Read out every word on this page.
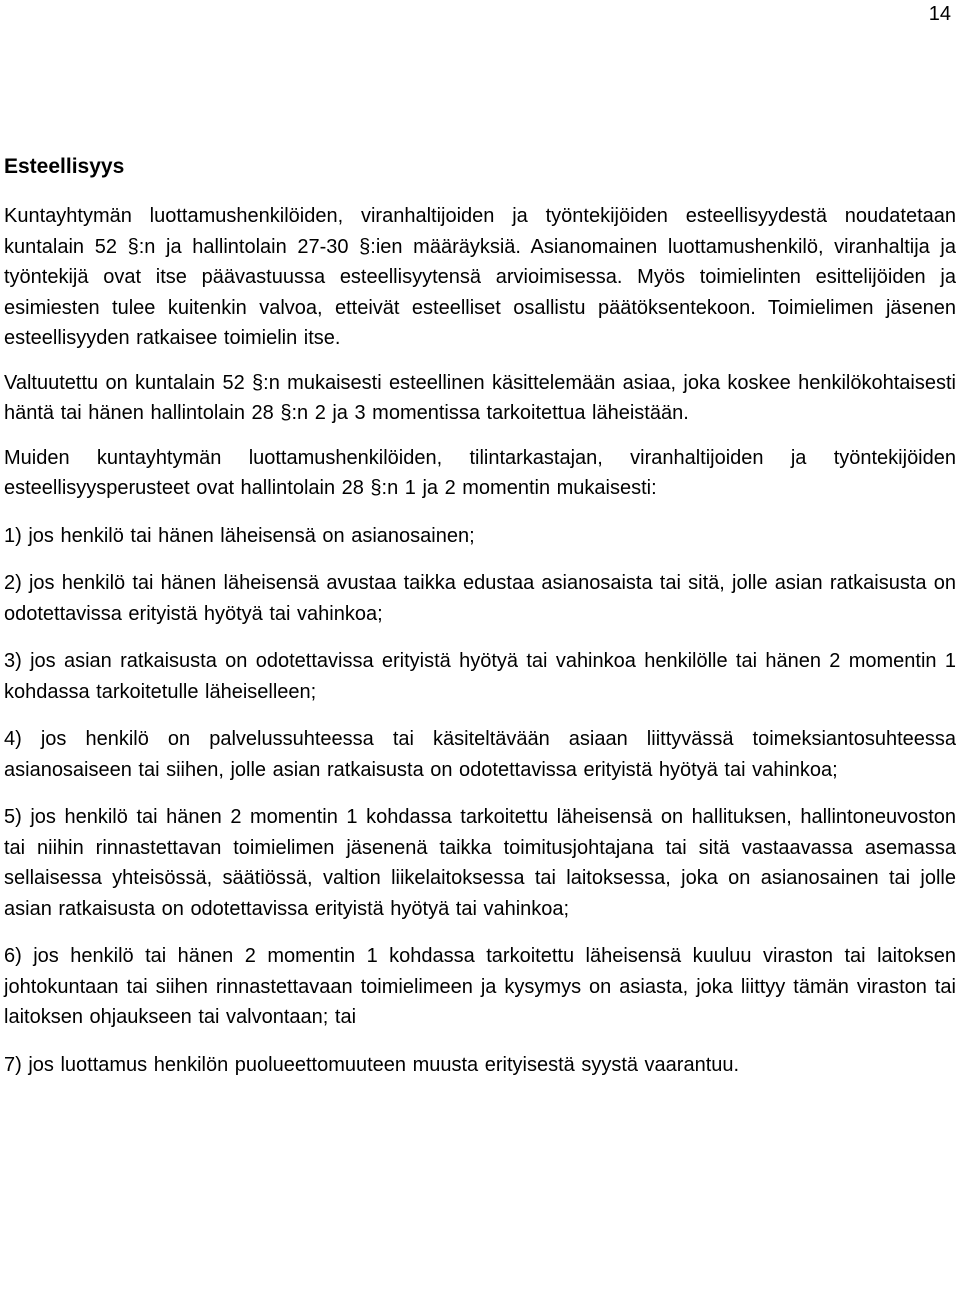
14
Esteellisyys

Kuntayhtymän luottamushenkilöiden, viranhaltijoiden ja työntekijöiden esteellisyydestä noudatetaan kuntalain 52 §:n ja hallintolain 27-30 §:ien määräyksiä. Asianomainen luottamushenkilö, viranhaltija ja työntekijä ovat itse päävastuussa esteellisyytensä arvioimisessa. Myös toimielinten esittelijöiden ja esimiesten tulee kuitenkin valvoa, etteivät esteelliset osallistu päätöksentekoon. Toimielimen jäsenen esteellisyyden ratkaisee toimielin itse.

Valtuutettu on kuntalain 52 §:n mukaisesti esteellinen käsittelemään asiaa, joka koskee henkilökohtaisesti häntä tai hänen hallintolain 28 §:n 2 ja 3 momentissa tarkoitettua läheistään.

Muiden kuntayhtymän luottamushenkilöiden, tilintarkastajan, viranhaltijoiden ja työntekijöiden esteellisyysperusteet ovat hallintolain 28 §:n 1 ja 2 momentin mukaisesti:

1) jos henkilö tai hänen läheisensä on asianosainen;

2) jos henkilö tai hänen läheisensä avustaa taikka edustaa asianosaista tai sitä, jolle asian ratkaisusta on odotettavissa erityistä hyötyä tai vahinkoa;

3) jos asian ratkaisusta on odotettavissa erityistä hyötyä tai vahinkoa henkilölle tai hänen 2 momentin 1 kohdassa tarkoitetulle läheiselleen;

4) jos henkilö on palvelussuhteessa tai käsiteltävään asiaan liittyvässä toimeksiantosuhteessa asianosaiseen tai siihen, jolle asian ratkaisusta on odotettavissa erityistä hyötyä tai vahinkoa;

5) jos henkilö tai hänen 2 momentin 1 kohdassa tarkoitettu läheisensä on hallituksen, hallintoneuvoston tai niihin rinnastettavan toimielimen jäsenenä taikka toimitusjohtajana tai sitä vastaavassa asemassa sellaisessa yhteisössä, säätiössä, valtion liikelaitoksessa tai laitoksessa, joka on asianosainen tai jolle asian ratkaisusta on odotettavissa erityistä hyötyä tai vahinkoa;

6) jos henkilö tai hänen 2 momentin 1 kohdassa tarkoitettu läheisensä kuuluu viraston tai laitoksen johtokuntaan tai siihen rinnastettavaan toimielimeen ja kysymys on asiasta, joka liittyy tämän viraston tai laitoksen ohjaukseen tai valvontaan; tai

7) jos luottamus henkilön puolueettomuuteen muusta erityisestä syystä vaarantuu.
